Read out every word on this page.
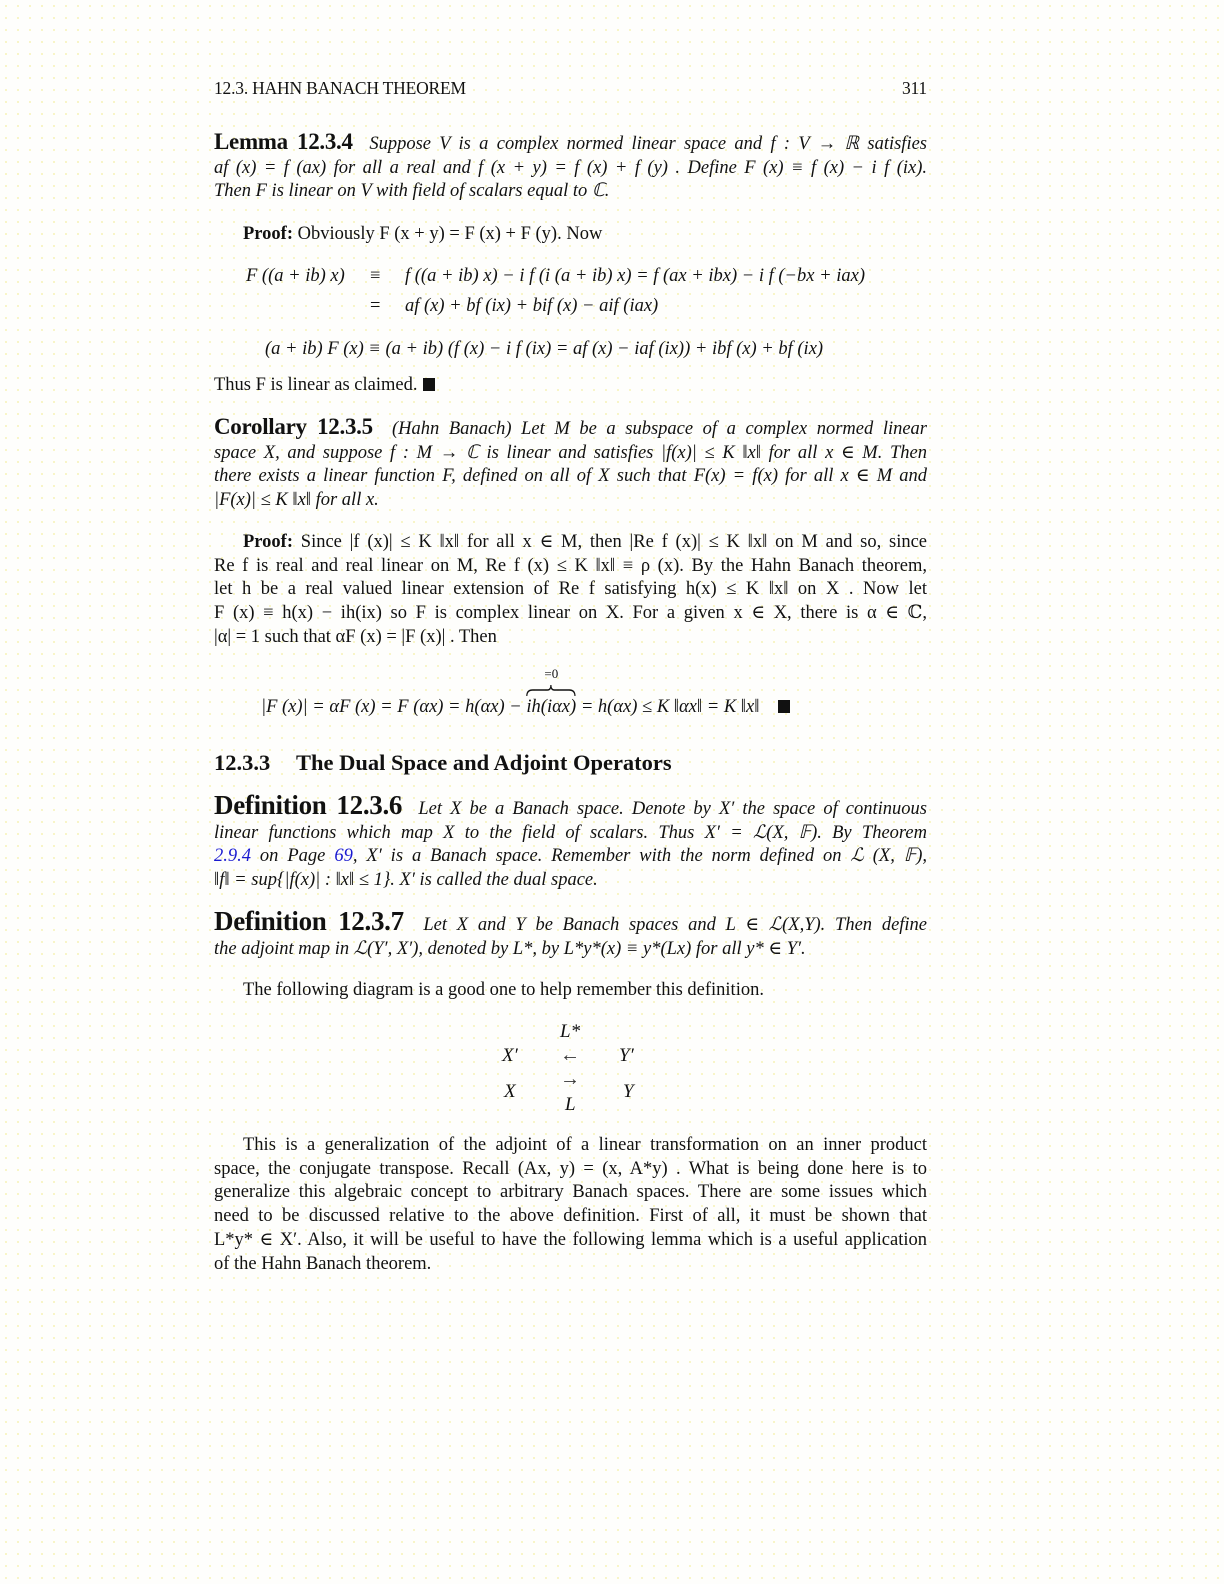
12.3. HAHN BANACH THEOREM	311
Lemma 12.3.4 Suppose V is a complex normed linear space and f : V → ℝ satisfies
af (x) = f (ax) for all a real and f (x + y) = f (x) + f (y) . Define F (x) ≡ f (x) − i f (ix).
Then F is linear on V with field of scalars equal to ℂ.
Proof: Obviously F (x + y) = F (x) + F (y). Now
F ((a + ib) x) ≡ f ((a + ib) x) − i f (i (a + ib) x) = f (ax + ibx) − i f (−bx + iax)
= af (x) + bf (ix) + bif (x) − aif (iax)
(a + ib) F (x) ≡ (a + ib) (f (x) − i f (ix) = af (x) − iaf (ix)) + ibf (x) + bf (ix)
Thus F is linear as claimed.
Corollary 12.3.5 (Hahn Banach) Let M be a subspace of a complex normed linear
space X, and suppose f : M → ℂ is linear and satisfies |f(x)| ≤ K ‖x‖ for all x ∈ M. Then
there exists a linear function F, defined on all of X such that F(x) = f(x) for all x ∈ M and
|F(x)| ≤ K ‖x‖ for all x.
Proof: Since |f (x)| ≤ K ‖x‖ for all x ∈ M, then |Re f (x)| ≤ K ‖x‖ on M and so, since
Re f is real and real linear on M, Re f (x) ≤ K ‖x‖ ≡ ρ (x). By the Hahn Banach theorem,
let h be a real valued linear extension of Re f satisfying h(x) ≤ K ‖x‖ on X . Now let
F (x) ≡ h(x) − ih(ix) so F is complex linear on X. For a given x ∈ X, there is α ∈ ℂ,
|α| = 1 such that αF (x) = |F (x)| . Then
|F (x)| = αF (x) = F (αx) = h(αx) − ih(iαx)
=0
= h(αx) ≤ K ‖αx‖ = K ‖x‖
12.3.3 The Dual Space and Adjoint Operators
Definition 12.3.6 Let X be a Banach space. Denote by X′ the space of continuous
linear functions which map X to the field of scalars. Thus X′ = ℒ(X, 𝔽). By Theorem
2.9.4 on Page 69, X′ is a Banach space. Remember with the norm defined on ℒ (X, 𝔽),
‖f‖ = sup{|f(x)| : ‖x‖ ≤ 1}. X′ is called the dual space.
Definition 12.3.7 Let X and Y be Banach spaces and L ∈ ℒ(X,Y). Then define
the adjoint map in ℒ(Y′, X′), denoted by L*, by L*y*(x) ≡ y*(Lx) for all y* ∈ Y′.
The following diagram is a good one to help remember this definition.
L*
X′ ← Y′
→
X	Y
L
This is a generalization of the adjoint of a linear transformation on an inner product
space, the conjugate transpose. Recall (Ax, y) = (x, A*y) . What is being done here is to
generalize this algebraic concept to arbitrary Banach spaces. There are some issues which
need to be discussed relative to the above definition. First of all, it must be shown that
L*y* ∈ X′. Also, it will be useful to have the following lemma which is a useful application
of the Hahn Banach theorem.
